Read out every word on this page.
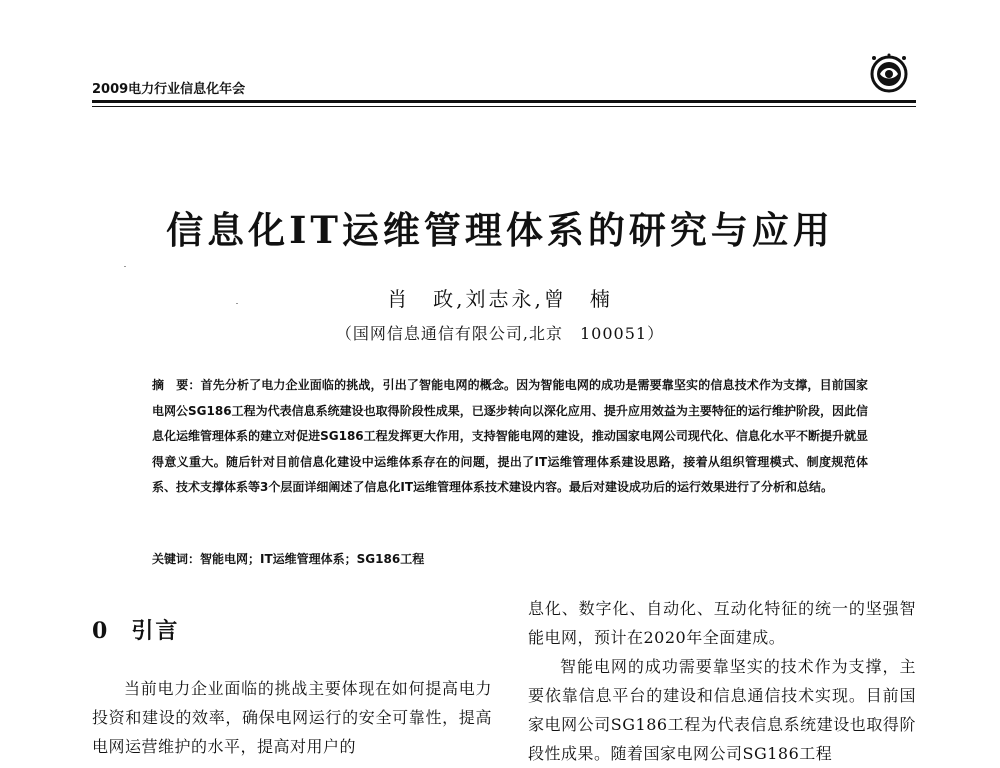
2009电力行业信息化年会
信息化IT运维管理体系的研究与应用
肖　政,刘志永,曾　楠
（国网信息通信有限公司,北京　100051）
摘　要：首先分析了电力企业面临的挑战，引出了智能电网的概念。因为智能电网的成功是需要靠坚实的信息技术作为支撑，目前国家电网公SG186工程为代表信息系统建设也取得阶段性成果，已逐步转向以深化应用、提升应用效益为主要特征的运行维护阶段，因此信息化运维管理体系的建立对促进SG186工程发挥更大作用，支持智能电网的建设，推动国家电网公司现代化、信息化水平不断提升就显得意义重大。随后针对目前信息化建设中运维体系存在的问题，提出了IT运维管理体系建设思路，接着从组织管理模式、制度规范体系、技术支撑体系等3个层面详细阐述了信息化IT运维管理体系技术建设内容。最后对建设成功后的运行效果进行了分析和总结。
关键词：智能电网；IT运维管理体系；SG186工程
0 引言

当前电力企业面临的挑战主要体现在如何提高电力投资和建设的效率，确保电网运行的安全可靠性，提高电网运营维护的水平，提高对用户的

息化、数字化、自动化、互动化特征的统一的坚强智能电网，预计在2020年全面建成。

智能电网的成功需要靠坚实的技术作为支撑，主要依靠信息平台的建设和信息通信技术实现。目前国家电网公司SG186工程为代表信息系统建设也取得阶段性成果。随着国家电网公司SG186工程
